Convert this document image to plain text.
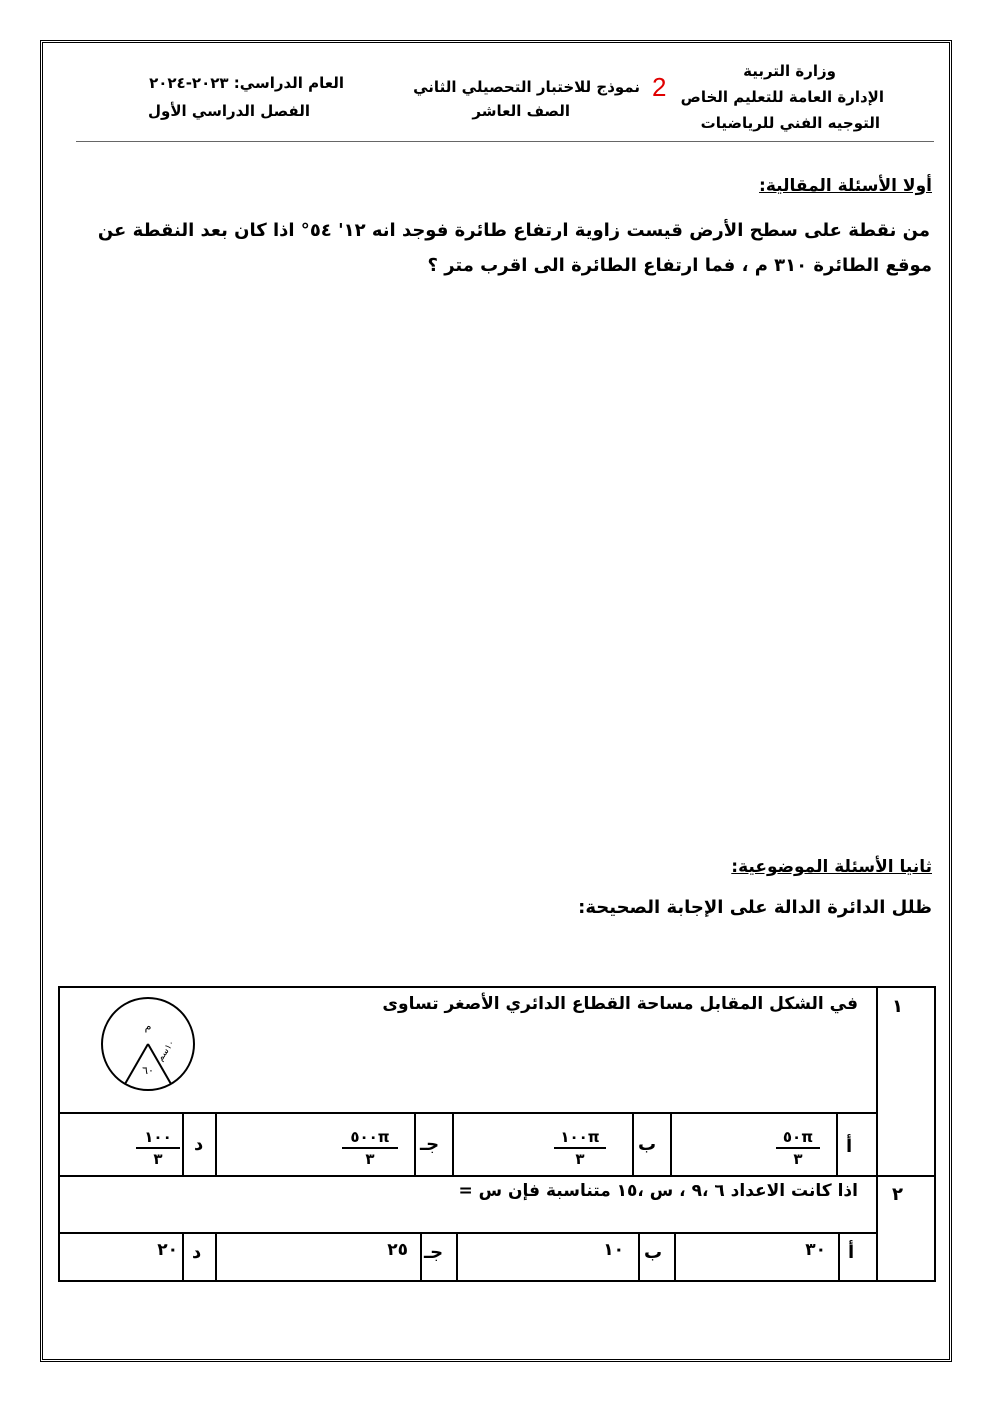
وزارة التربية
الإدارة العامة للتعليم الخاص
التوجيه الفني للرياضيات
2
نموذج للاختبار التحصيلي الثاني
الصف العاشر
العام الدراسي: ٢٠٢٣-٢٠٢٤
الفصل الدراسي الأول
أولا الأسئلة المقالية:
من نقطة على سطح الأرض قيست زاوية ارتفاع طائرة فوجد انه ١٢' ٥٤° اذا كان بعد النقطة عن
موقع الطائرة ٣١٠ م ، فما ارتفاع الطائرة الى اقرب متر ؟
ثانيا الأسئلة الموضوعية:
ظلل الدائرة الدالة على الإجابة الصحيحة:
١
في الشكل المقابل مساحة القطاع الدائري الأصغر تساوى
م
١٠سم
٦٠
أ
٥٠π
٣
ب
١٠٠π
٣
جـ
٥٠٠π
٣
د
١٠٠
٣
٢
اذا كانت الاعداد ٦ ،٩ ، س ،١٥ متناسبة فإن س =
أ
٣٠
ب
١٠
جـ
٢٥
د
٢٠
